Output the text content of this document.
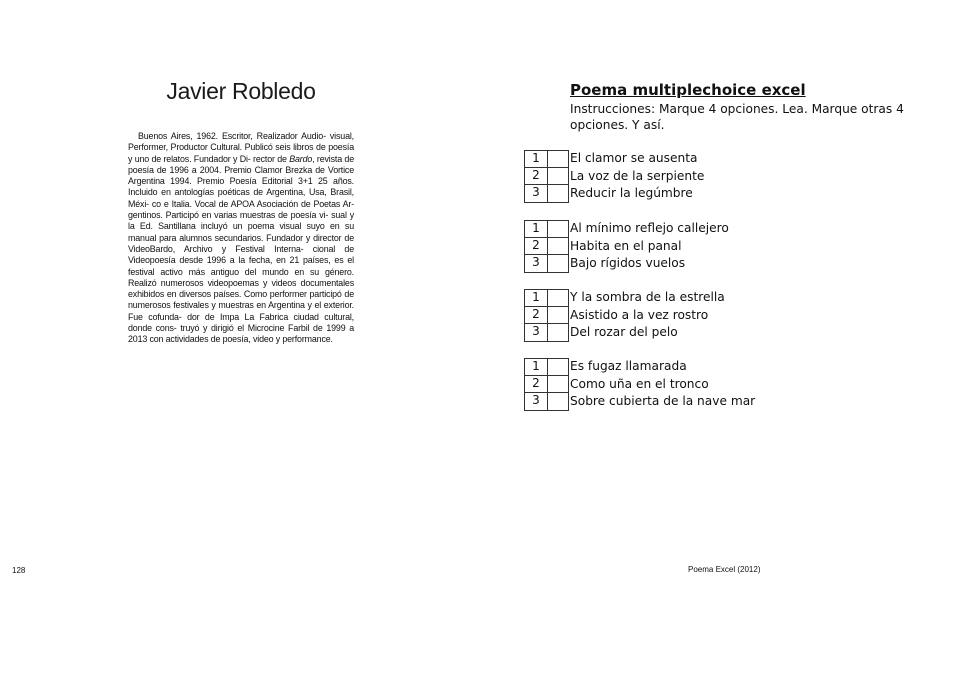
Javier Robledo

Buenos Aires, 1962. Escritor, Realizador Audio- visual, Performer, Productor Cultural. Publicó seis libros de poesía y uno de relatos. Fundador y Di- rector de Bardo, revista de poesía de 1996 a 2004. Premio Clamor Brezka de Vortice Argentina 1994. Premio Poesía Editorial 3+1 25 años. Incluido en antologías poéticas de Argentina, Usa, Brasil, Méxi- co e Italia. Vocal de APOA Asociación de Poetas Ar- gentinos. Participó en varias muestras de poesía vi- sual y la Ed. Santillana incluyó un poema visual suyo en su manual para alumnos secundarios. Fundador y director de VideoBardo, Archivo y Festival Interna- cional de Videopoesía desde 1996 a la fecha, en 21 países, es el festival activo más antiguo del mundo en su género. Realizó numerosos videopoemas y videos documentales exhibidos en diversos países. Como performer participó de numerosos festivales y muestras en Argentina y el exterior. Fue cofunda- dor de Impa La Fabrica ciudad cultural, donde cons- truyó y dirigió el Microcine Farbil de 1999 a 2013 con actividades de poesía, video y performance.

128
Poema multiplechoice excel
Instrucciones: Marque 4 opciones. Lea. Marque otras 4 opciones. Y así.
1	El clamor se ausenta
2	La voz de la serpiente
3	Reducir la legúmbre
1	Al mínimo reflejo callejero
2	Habita en el panal
3	Bajo rígidos vuelos
1	Y la sombra de la estrella
2	Asistido a la vez rostro
3	Del rozar del pelo
1	Es fugaz llamarada
2	Como uña en el tronco
3	Sobre cubierta de la nave mar
Poema Excel (2012)
